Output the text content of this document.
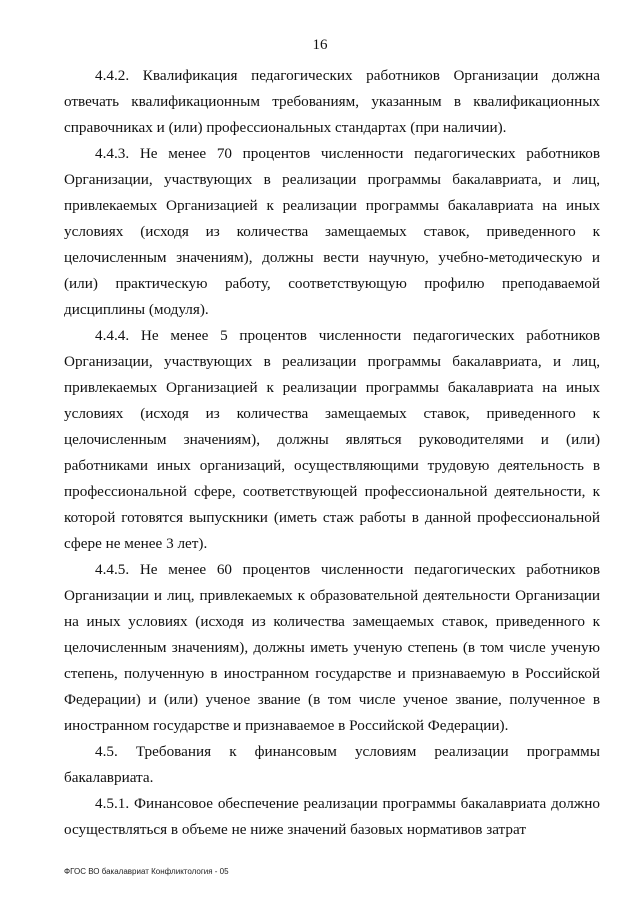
16

4.4.2. Квалификация педагогических работников Организации должна отвечать квалификационным требованиям, указанным в квалификационных справочниках и (или) профессиональных стандартах (при наличии).

4.4.3. Не менее 70 процентов численности педагогических работников Организации, участвующих в реализации программы бакалавриата, и лиц, привлекаемых Организацией к реализации программы бакалавриата на иных условиях (исходя из количества замещаемых ставок, приведенного к целочисленным значениям), должны вести научную, учебно-методическую и (или) практическую работу, соответствующую профилю преподаваемой дисциплины (модуля).

4.4.4. Не менее 5 процентов численности педагогических работников Организации, участвующих в реализации программы бакалавриата, и лиц, привлекаемых Организацией к реализации программы бакалавриата на иных условиях (исходя из количества замещаемых ставок, приведенного к целочисленным значениям), должны являться руководителями и (или) работниками иных организаций, осуществляющими трудовую деятельность в профессиональной сфере, соответствующей профессиональной деятельности, к которой готовятся выпускники (иметь стаж работы в данной профессиональной сфере не менее 3 лет).

4.4.5. Не менее 60 процентов численности педагогических работников Организации и лиц, привлекаемых к образовательной деятельности Организации на иных условиях (исходя из количества замещаемых ставок, приведенного к целочисленным значениям), должны иметь ученую степень (в том числе ученую степень, полученную в иностранном государстве и признаваемую в Российской Федерации) и (или) ученое звание (в том числе ученое звание, полученное в иностранном государстве и признаваемое в Российской Федерации).

4.5. Требования к финансовым условиям реализации программы бакалавриата.

4.5.1. Финансовое обеспечение реализации программы бакалавриата должно осуществляться в объеме не ниже значений базовых нормативов затрат

ФГОС ВО бакалавриат Конфликтология - 05
